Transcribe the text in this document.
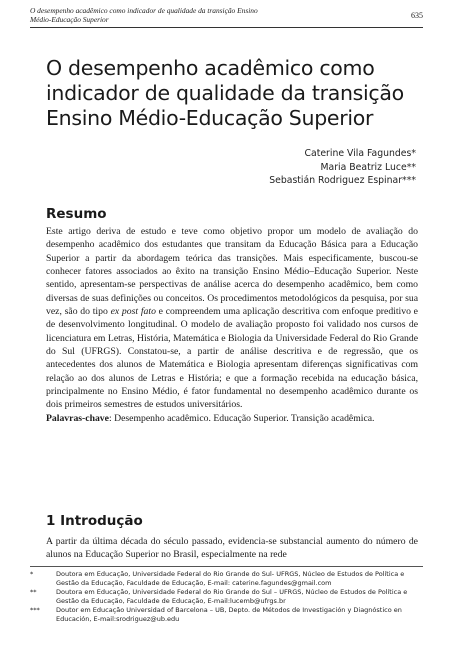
O desempenho acadêmico como indicador de qualidade da transição Ensino Médio-Educação Superior	635
O desempenho acadêmico como indicador de qualidade da transição Ensino Médio-Educação Superior
Caterine Vila Fagundes*
Maria Beatriz Luce**
Sebastián Rodriguez Espinar***
Resumo

Este artigo deriva de estudo e teve como objetivo propor um modelo de avaliação do desempenho acadêmico dos estudantes que transitam da Educação Básica para a Educação Superior a partir da abordagem teórica das transições. Mais especificamente, buscou-se conhecer fatores associados ao êxito na transição Ensino Médio–Educação Superior. Neste sentido, apresentam-se perspectivas de análise acerca do desempenho acadêmico, bem como diversas de suas definições ou conceitos. Os procedimentos metodológicos da pesquisa, por sua vez, são do tipo ex post fato e compreendem uma aplicação descritiva com enfoque preditivo e de desenvolvimento longitudinal. O modelo de avaliação proposto foi validado nos cursos de licenciatura em Letras, História, Matemática e Biologia da Universidade Federal do Rio Grande do Sul (UFRGS). Constatou-se, a partir de análise descritiva e de regressão, que os antecedentes dos alunos de Matemática e Biologia apresentam diferenças significativas com relação ao dos alunos de Letras e História; e que a formação recebida na educação básica, principalmente no Ensino Médio, é fator fundamental no desempenho acadêmico durante os dois primeiros semestres de estudos universitários.

Palavras-chave: Desempenho acadêmico. Educação Superior. Transição acadêmica.

1 Introdução

A partir da última década do século passado, evidencia-se substancial aumento do número de alunos na Educação Superior no Brasil, especialmente na rede

*	Doutora em Educação, Universidade Federal do Rio Grande do Sul- UFRGS, Núcleo de Estudos de Política e Gestão da Educação, Faculdade de Educação, E-mail: caterine.fagundes@gmail.com
**	Doutora em Educação, Universidade Federal do Rio Grande do Sul – UFRGS, Núcleo de Estudos de Política e Gestão da Educação, Faculdade de Educação, E-mail:lucemb@ufrgs.br
***	Doutor em Educação Universidad of Barcelona – UB, Depto. de Métodos de Investigación y Diagnóstico en Educación, E-mail:srodriguez@ub.edu
